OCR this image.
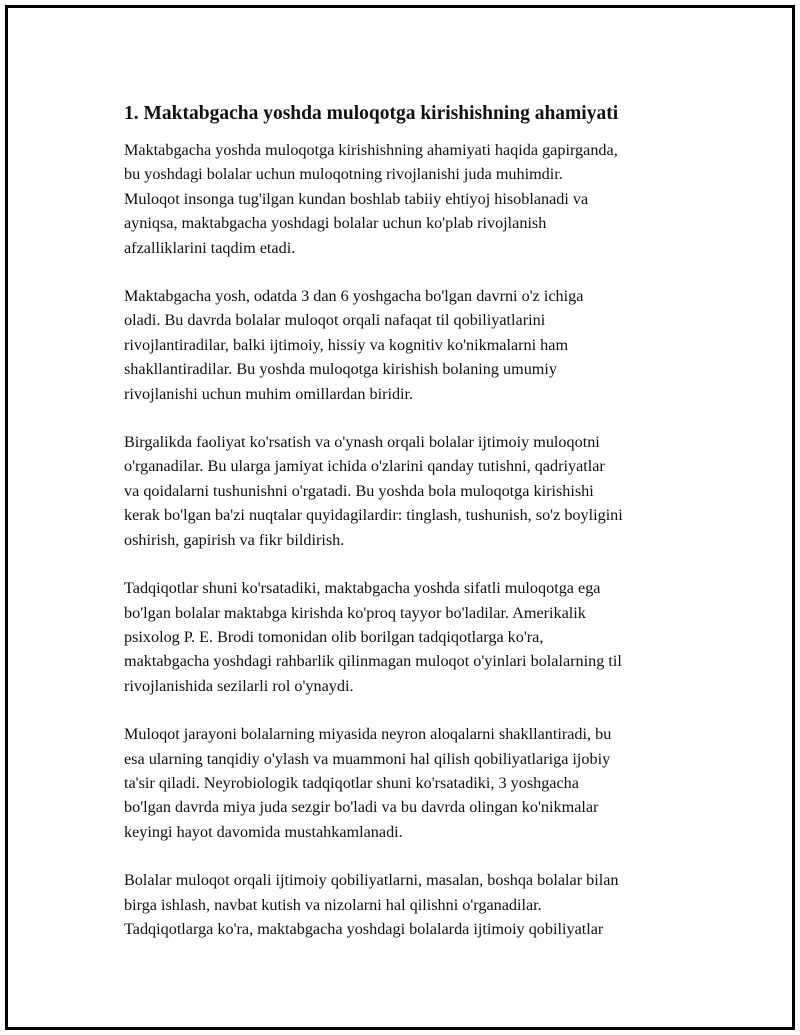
1. Maktabgacha yoshda muloqotga kirishishning ahamiyati
Maktabgacha yoshda muloqotga kirishishning ahamiyati haqida gapirganda,
bu yoshdagi bolalar uchun muloqotning rivojlanishi juda muhimdir.
Muloqot insonga tug'ilgan kundan boshlab tabiiy ehtiyoj hisoblanadi va
ayniqsa, maktabgacha yoshdagi bolalar uchun ko'plab rivojlanish
afzalliklarini taqdim etadi.
Maktabgacha yosh, odatda 3 dan 6 yoshgacha bo'lgan davrni o'z ichiga
oladi. Bu davrda bolalar muloqot orqali nafaqat til qobiliyatlarini
rivojlantiradilar, balki ijtimoiy, hissiy va kognitiv ko'nikmalarni ham
shakllantiradilar. Bu yoshda muloqotga kirishish bolaning umumiy
rivojlanishi uchun muhim omillardan biridir.
Birgalikda faoliyat ko'rsatish va o'ynash orqali bolalar ijtimoiy muloqotni
o'rganadilar. Bu ularga jamiyat ichida o'zlarini qanday tutishni, qadriyatlar
va qoidalarni tushunishni o'rgatadi. Bu yoshda bola muloqotga kirishishi
kerak bo'lgan ba'zi nuqtalar quyidagilardir: tinglash, tushunish, so'z boyligini
oshirish, gapirish va fikr bildirish.
Tadqiqotlar shuni ko'rsatadiki, maktabgacha yoshda sifatli muloqotga ega
bo'lgan bolalar maktabga kirishda ko'proq tayyor bo'ladilar. Amerikalik
psixolog P. E. Brodi tomonidan olib borilgan tadqiqotlarga ko'ra,
maktabgacha yoshdagi rahbarlik qilinmagan muloqot o'yinlari bolalarning til
rivojlanishida sezilarli rol o'ynaydi.
Muloqot jarayoni bolalarning miyasida neyron aloqalarni shakllantiradi, bu
esa ularning tanqidiy o'ylash va muammoni hal qilish qobiliyatlariga ijobiy
ta'sir qiladi. Neyrobiologik tadqiqotlar shuni ko'rsatadiki, 3 yoshgacha
bo'lgan davrda miya juda sezgir bo'ladi va bu davrda olingan ko'nikmalar
keyingi hayot davomida mustahkamlanadi.
Bolalar muloqot orqali ijtimoiy qobiliyatlarni, masalan, boshqa bolalar bilan
birga ishlash, navbat kutish va nizolarni hal qilishni o'rganadilar.
Tadqiqotlarga ko'ra, maktabgacha yoshdagi bolalarda ijtimoiy qobiliyatlar
